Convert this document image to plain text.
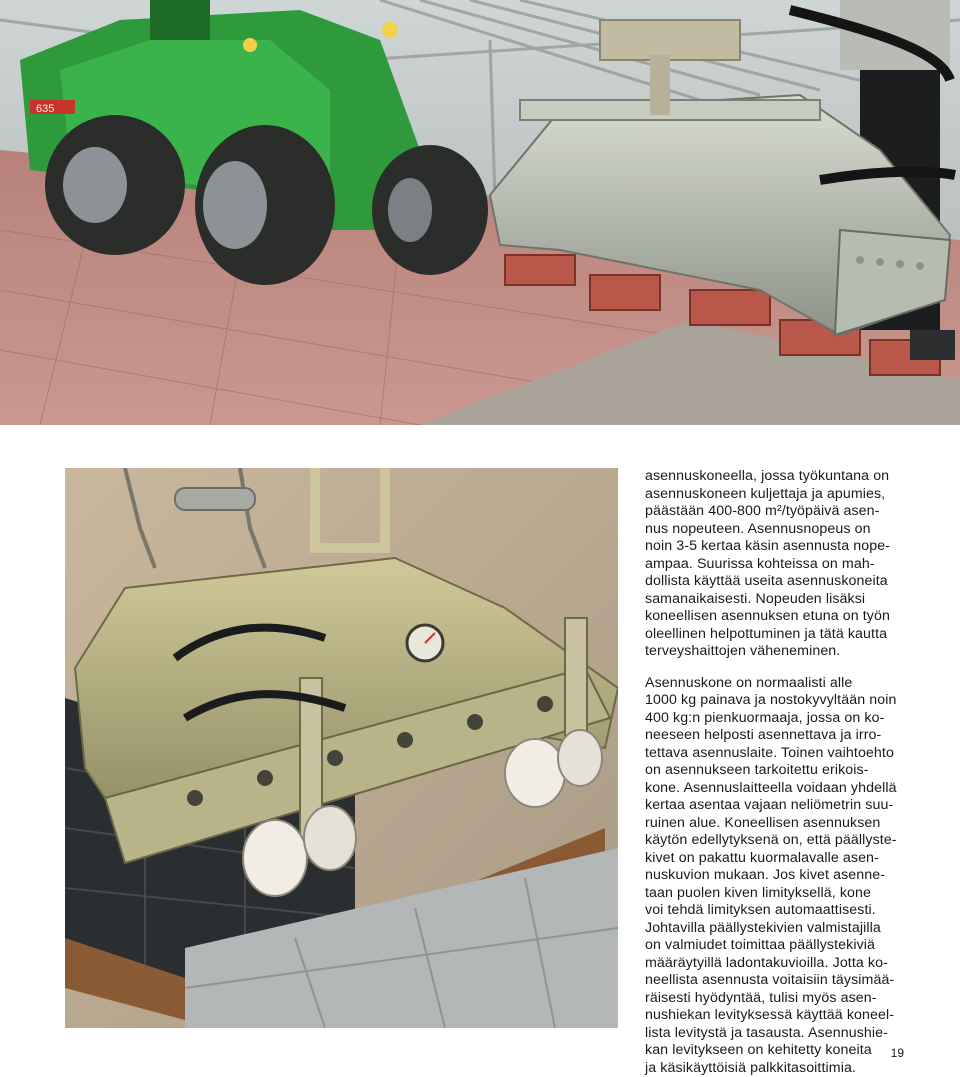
635

asennuskoneella, jossa työkuntana on
asennuskoneen kuljettaja ja apumies,
päästään 400-800 m²/työpäivä asen-
nus nopeuteen. Asennusnopeus on
noin 3-5 kertaa käsin asennusta nope-
ampaa. Suurissa kohteissa on mah-
dollista käyttää useita asennuskoneita
samanaikaisesti. Nopeuden lisäksi
koneellisen asennuksen etuna on työn
oleellinen helpottuminen ja tätä kautta
terveyshaittojen väheneminen.

Asennuskone on normaalisti alle
1000 kg painava ja nostokyvyltään noin
400 kg:n pienkuormaaja, jossa on ko-
neeseen helposti asennettava ja irro-
tettava asennuslaite. Toinen vaihtoehto
on asennukseen tarkoitettu erikois-
kone. Asennuslaitteella voidaan yhdellä
kertaa asentaa vajaan neliömetrin suu-
ruinen alue. Koneellisen asennuksen
käytön edellytyksenä on, että päällyste-
kivet on pakattu kuormalavalle asen-
nuskuvion mukaan. Jos kivet asenne-
taan puolen kiven limityksellä, kone
voi tehdä limityksen automaattisesti.
Johtavilla päällystekivien valmistajilla
on valmiudet toimittaa päällystekiviä
määräytyillä ladontakuvioilla. Jotta ko-
neellista asennusta voitaisiin täysimää-
räisesti hyödyntää, tulisi myös asen-
nushiekan levityksessä käyttää koneel-
lista levitystä ja tasausta. Asennushie-
kan levitykseen on kehitetty koneita
ja käsikäyttöisiä palkkitasoittimia.

19
